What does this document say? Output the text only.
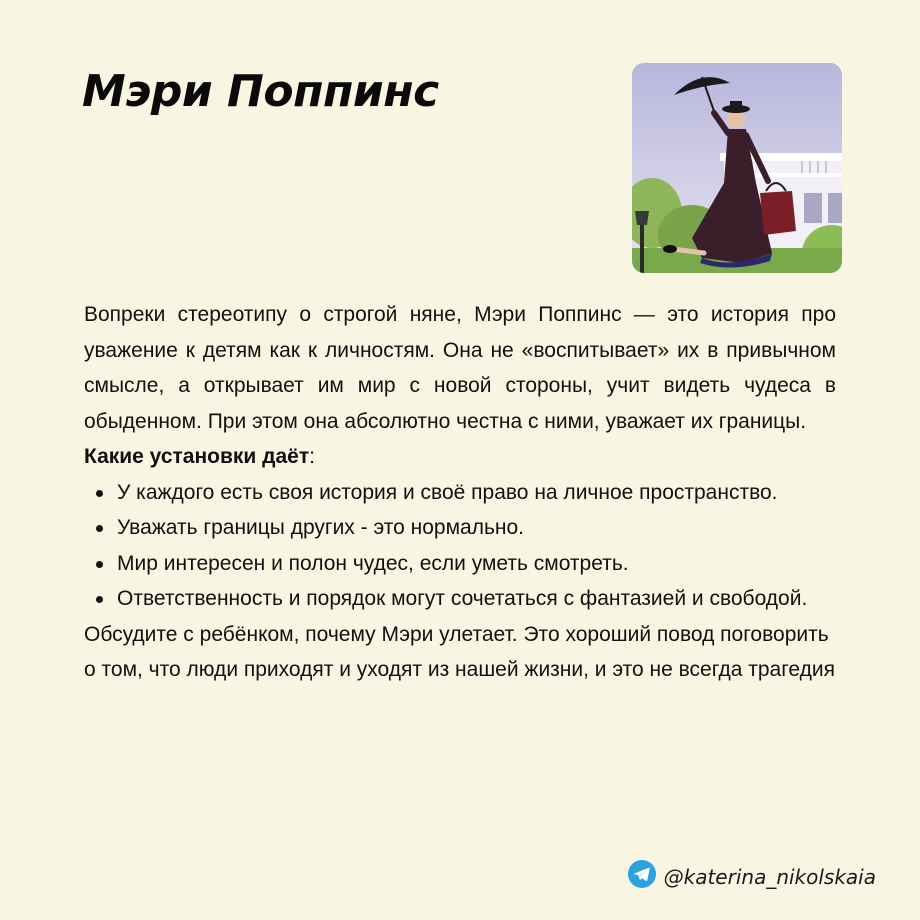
Мэри Поппинс

Вопреки стереотипу о строгой няне, Мэри Поппинс — это история про уважение к детям как к личностям. Она не «воспитывает» их в привычном смысле, а открывает им мир с новой стороны, учит видеть чудеса в обыденном. При этом она абсолютно честна с ними, уважает их границы.

Какие установки даёт:

У каждого есть своя история и своё право на личное пространство.
Уважать границы других - это нормально.
Мир интересен и полон чудес, если уметь смотреть.
Ответственность и порядок могут сочетаться с фантазией и свободой.

Обсудите с ребёнком, почему Мэри улетает. Это хороший повод поговорить о том, что люди приходят и уходят из нашей жизни, и это не всегда трагедия

@katerina_nikolskaia
